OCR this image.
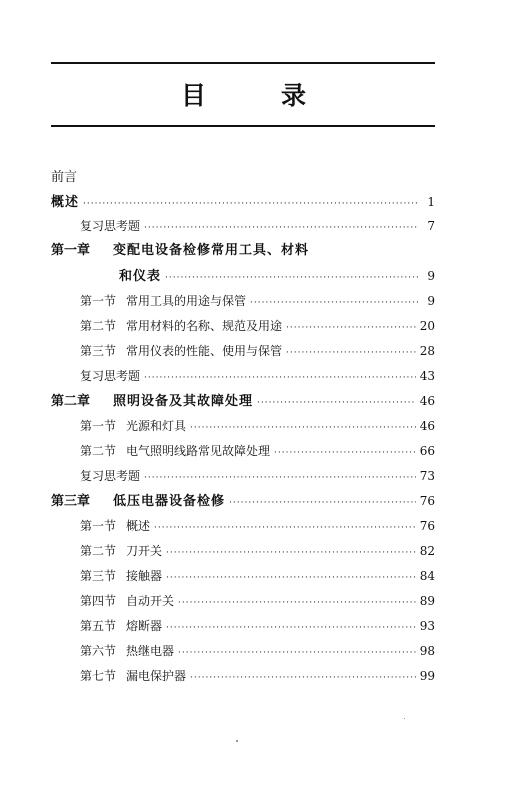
目	录
前言
概述 ·····	1
复习思考题 ·····	7
第一章	变配电设备检修常用工具、材料
和仪表 ·····	9
第一节 常用工具的用途与保管 ·····	9
第二节 常用材料的名称、规范及用途 ·····	20
第三节 常用仪表的性能、使用与保管 ·····	28
复习思考题 ·····	43
第二章	照明设备及其故障处理 ·····	46
第一节 光源和灯具 ·····	46
第二节 电气照明线路常见故障处理 ·····	66
复习思考题 ·····	73
第三章	低压电器设备检修 ·····	76
第一节 概述 ·····	76
第二节 刀开关 ·····	82
第三节 接触器 ·····	84
第四节 自动开关 ·····	89
第五节 熔断器 ·····	93
第六节 热继电器 ·····	98
第七节 漏电保护器 ·····	99
